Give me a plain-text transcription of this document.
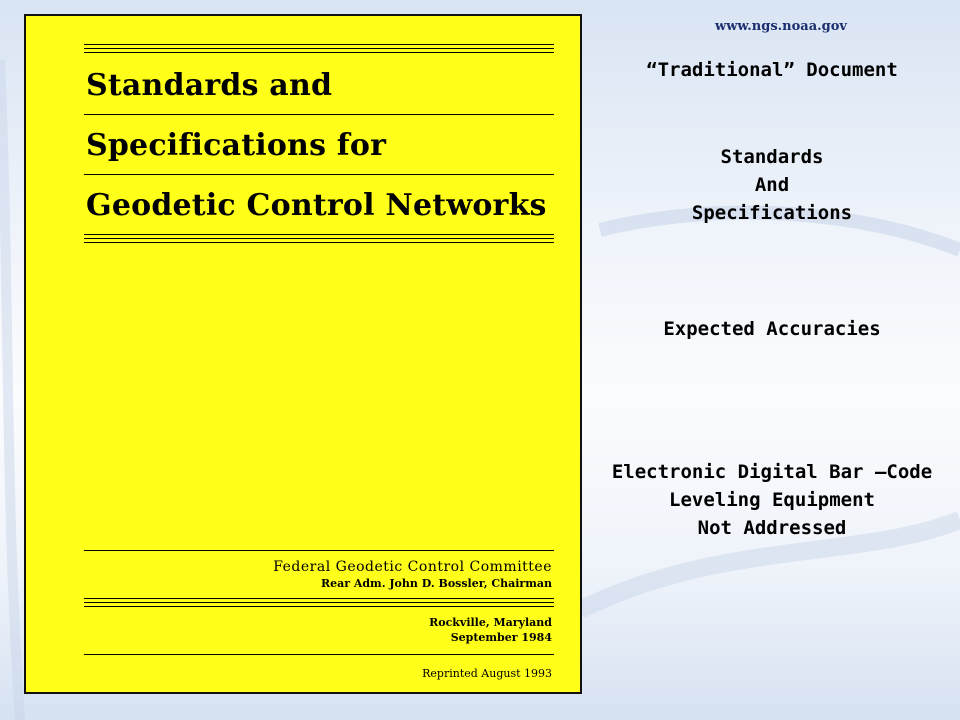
www.ngs.noaa.gov
Standards and
Specifications for
Geodetic Control Networks
Federal Geodetic Control Committee
Rear Adm. John D. Bossler, Chairman
Rockville, Maryland
September 1984
Reprinted August 1993
“Traditional” Document
Standards
And
Specifications
Expected Accuracies
Electronic Digital Bar –Code
Leveling Equipment
Not Addressed
